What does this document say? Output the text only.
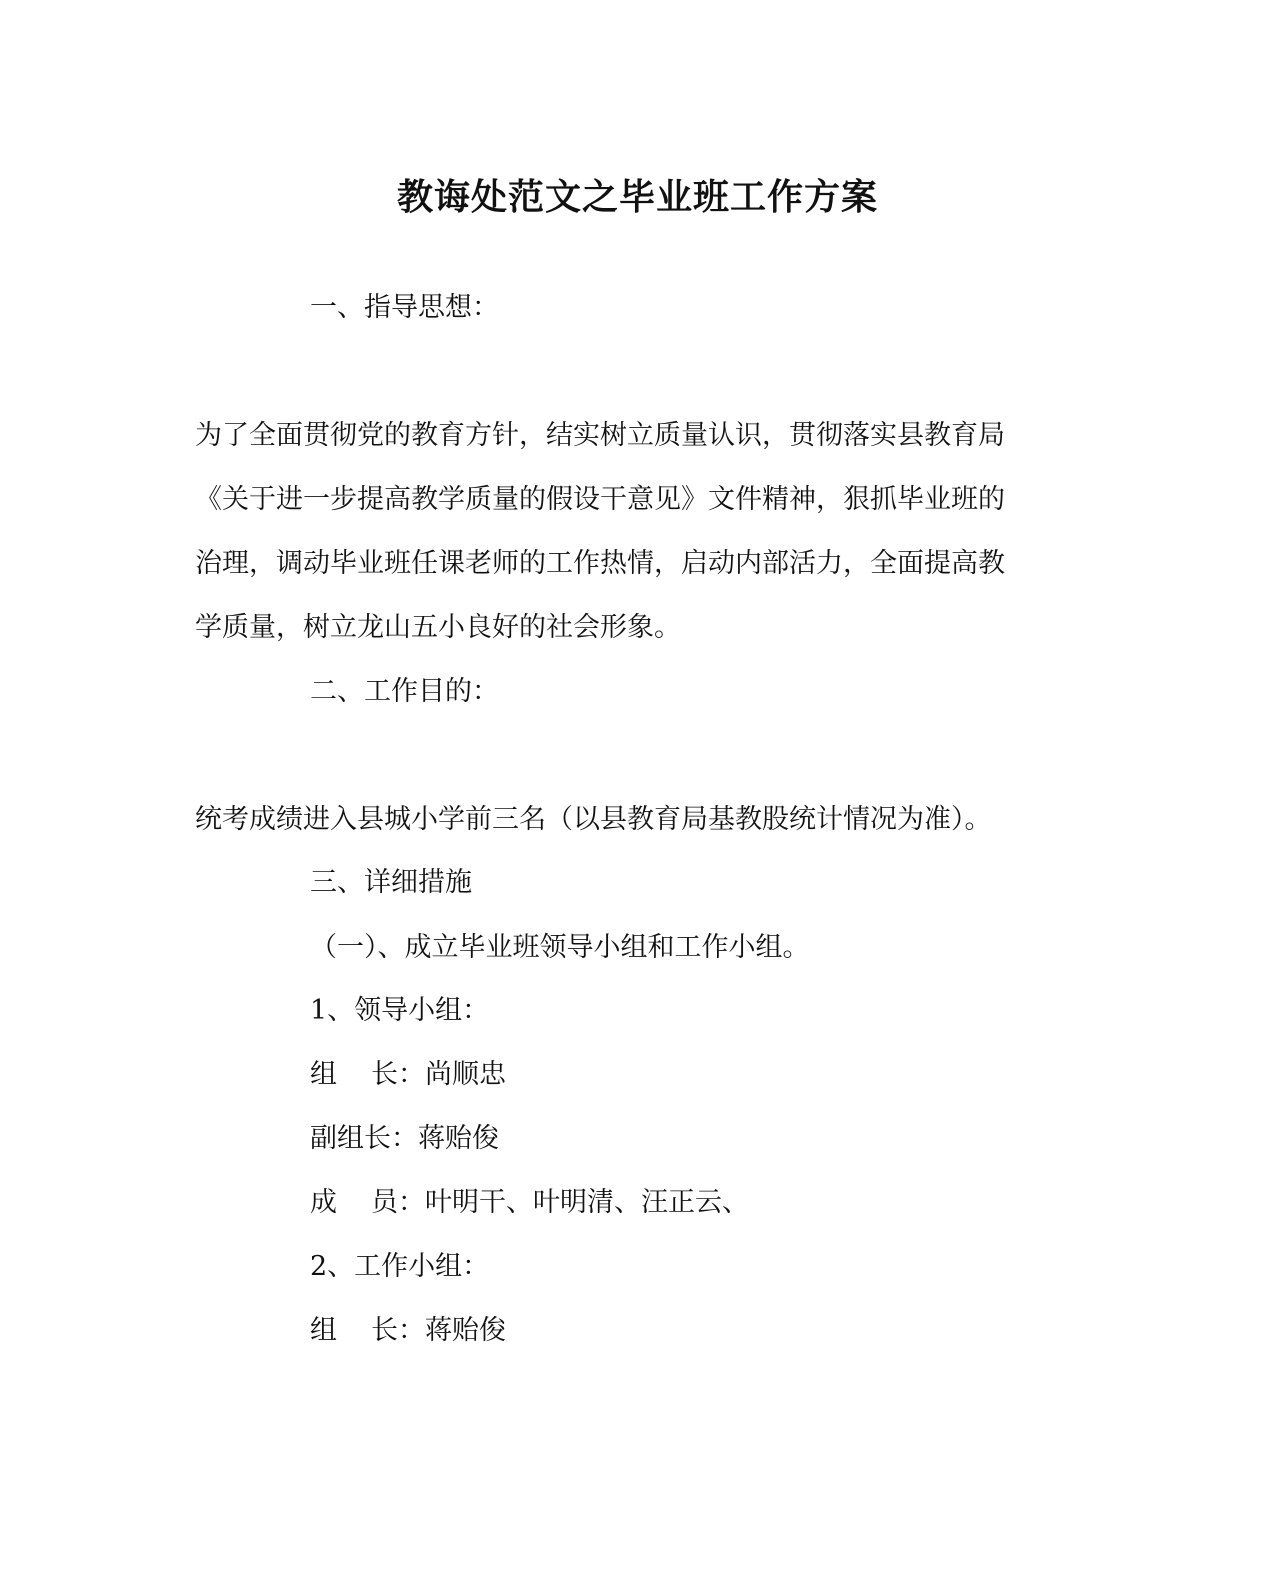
教诲处范文之毕业班工作方案
一、指导思想：
为了全面贯彻党的教育方针，结实树立质量认识，贯彻落实县教育局
《关于进一步提高教学质量的假设干意见》文件精神，狠抓毕业班的
治理，调动毕业班任课老师的工作热情，启动内部活力，全面提高教
学质量，树立龙山五小良好的社会形象。
二、工作目的：
统考成绩进入县城小学前三名（以县教育局基教股统计情况为准）。
三、详细措施
（一）、成立毕业班领导小组和工作小组。
1、领导小组：
组 长：尚顺忠
副组长：蒋贻俊
成 员：叶明干、叶明清、汪正云、
2、工作小组：
组 长：蒋贻俊
